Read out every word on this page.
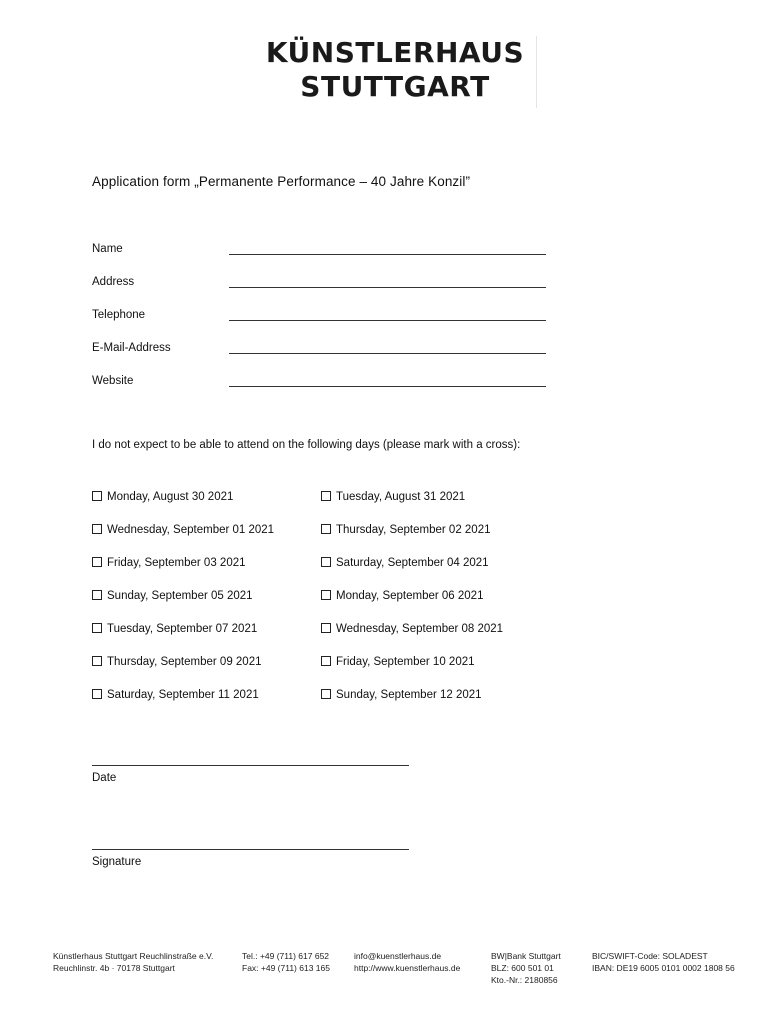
KÜNSTLERHAUS
STUTTGART
Application form „Permanente Performance – 40 Jahre Konzil”
Name
Address
Telephone
E-Mail-Address
Website
I do not expect to be able to attend on the following days (please mark with a cross):
Monday, August 30 2021
Wednesday, September 01 2021
Friday, September 03 2021
Sunday, September 05 2021
Tuesday, September 07 2021
Thursday, September 09 2021
Saturday, September 11 2021
Tuesday, August 31 2021
Thursday, September 02 2021
Saturday, September 04 2021
Monday, September 06 2021
Wednesday, September 08 2021
Friday, September 10 2021
Sunday, September 12 2021
Date
Signature
Künstlerhaus Stuttgart Reuchlinstraße e.V.
Reuchlinstr. 4b · 70178 Stuttgart
Tel.: +49 (711) 617 652
Fax: +49 (711) 613 165
info@kuenstlerhaus.de
http://www.kuenstlerhaus.de
BW|Bank Stuttgart
BLZ: 600 501 01
Kto.-Nr.: 2180856
BIC/SWIFT-Code: SOLADEST
IBAN: DE19 6005 0101 0002 1808 56
